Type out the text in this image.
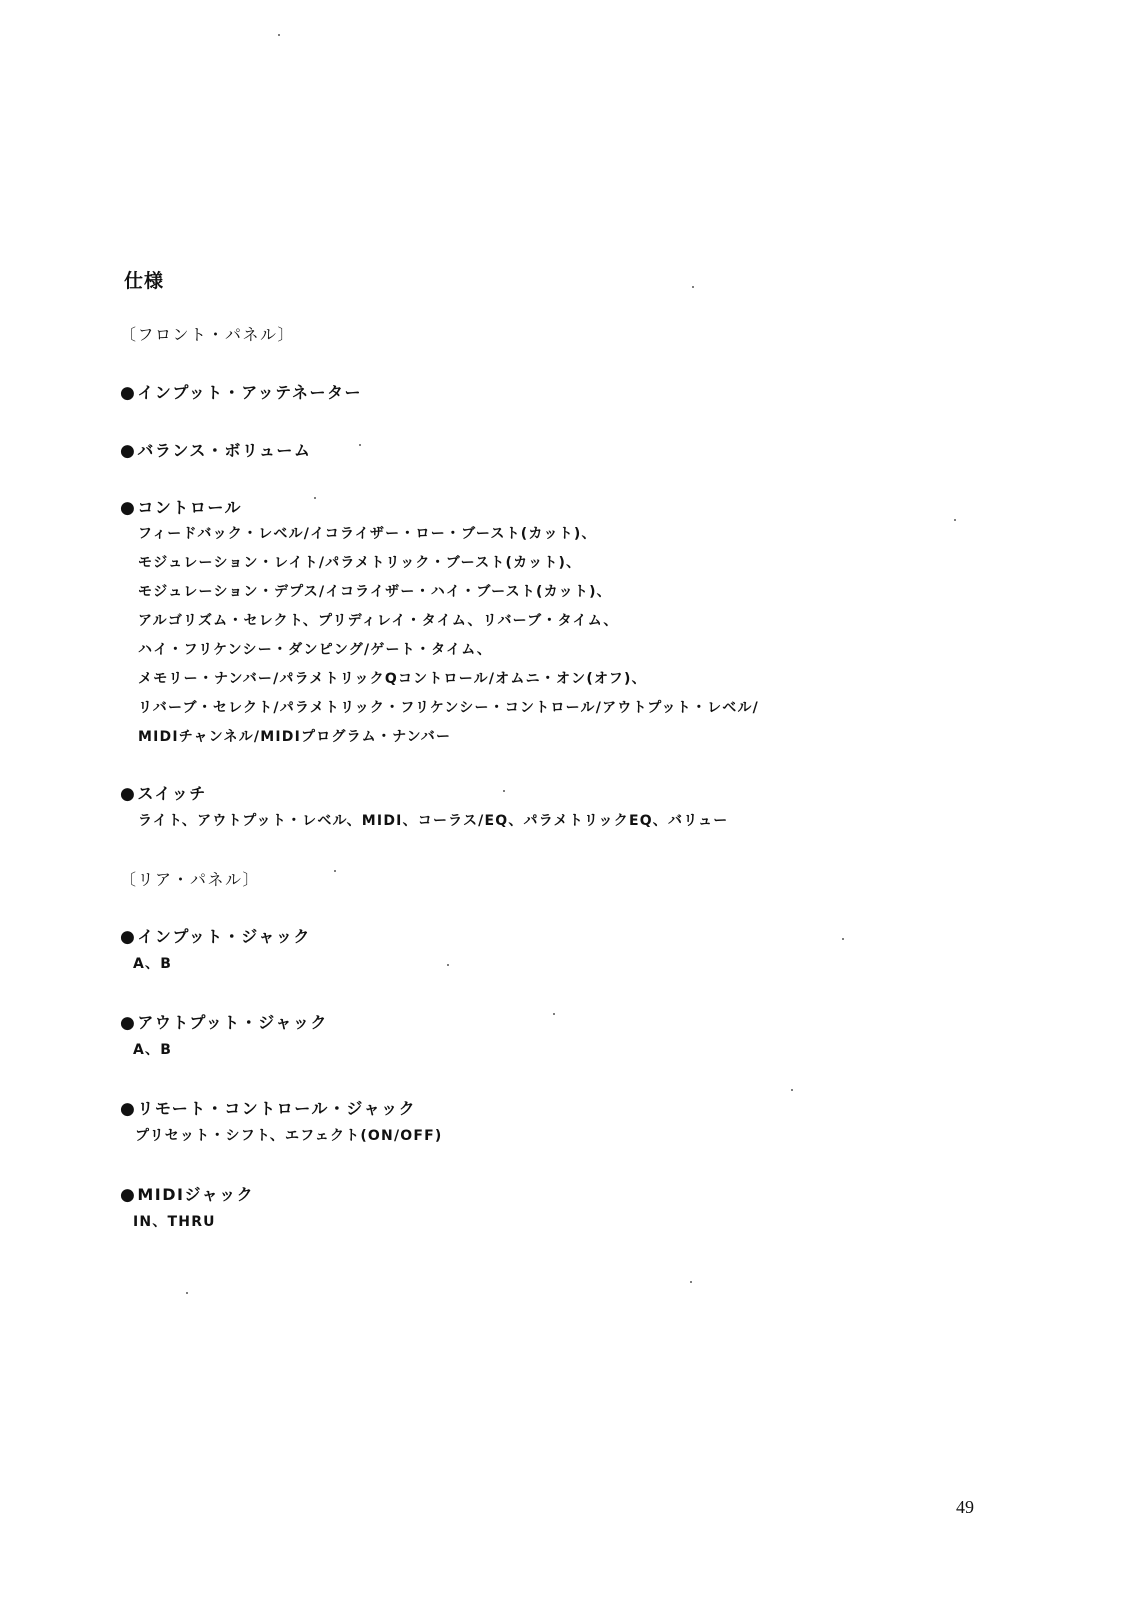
仕様
〔フロント・パネル〕
●インプット・アッテネーター
●バランス・ボリューム
●コントロール
フィードバック・レベル/イコライザー・ロー・ブースト(カット)、
モジュレーション・レイト/パラメトリック・ブースト(カット)、
モジュレーション・デプス/イコライザー・ハイ・ブースト(カット)、
アルゴリズム・セレクト、プリディレイ・タイム、リバーブ・タイム、
ハイ・フリケンシー・ダンピング/ゲート・タイム、
メモリー・ナンバー/パラメトリックQコントロール/オムニ・オン(オフ)、
リバーブ・セレクト/パラメトリック・フリケンシー・コントロール/アウトプット・レベル/
MIDIチャンネル/MIDIプログラム・ナンバー
●スイッチ
ライト、アウトプット・レベル、MIDI、コーラス/EQ、パラメトリックEQ、バリュー
〔リア・パネル〕
●インプット・ジャック
A、B
●アウトプット・ジャック
A、B
●リモート・コントロール・ジャック
プリセット・シフト、エフェクト(ON/OFF)
●MIDIジャック
IN、THRU
49
